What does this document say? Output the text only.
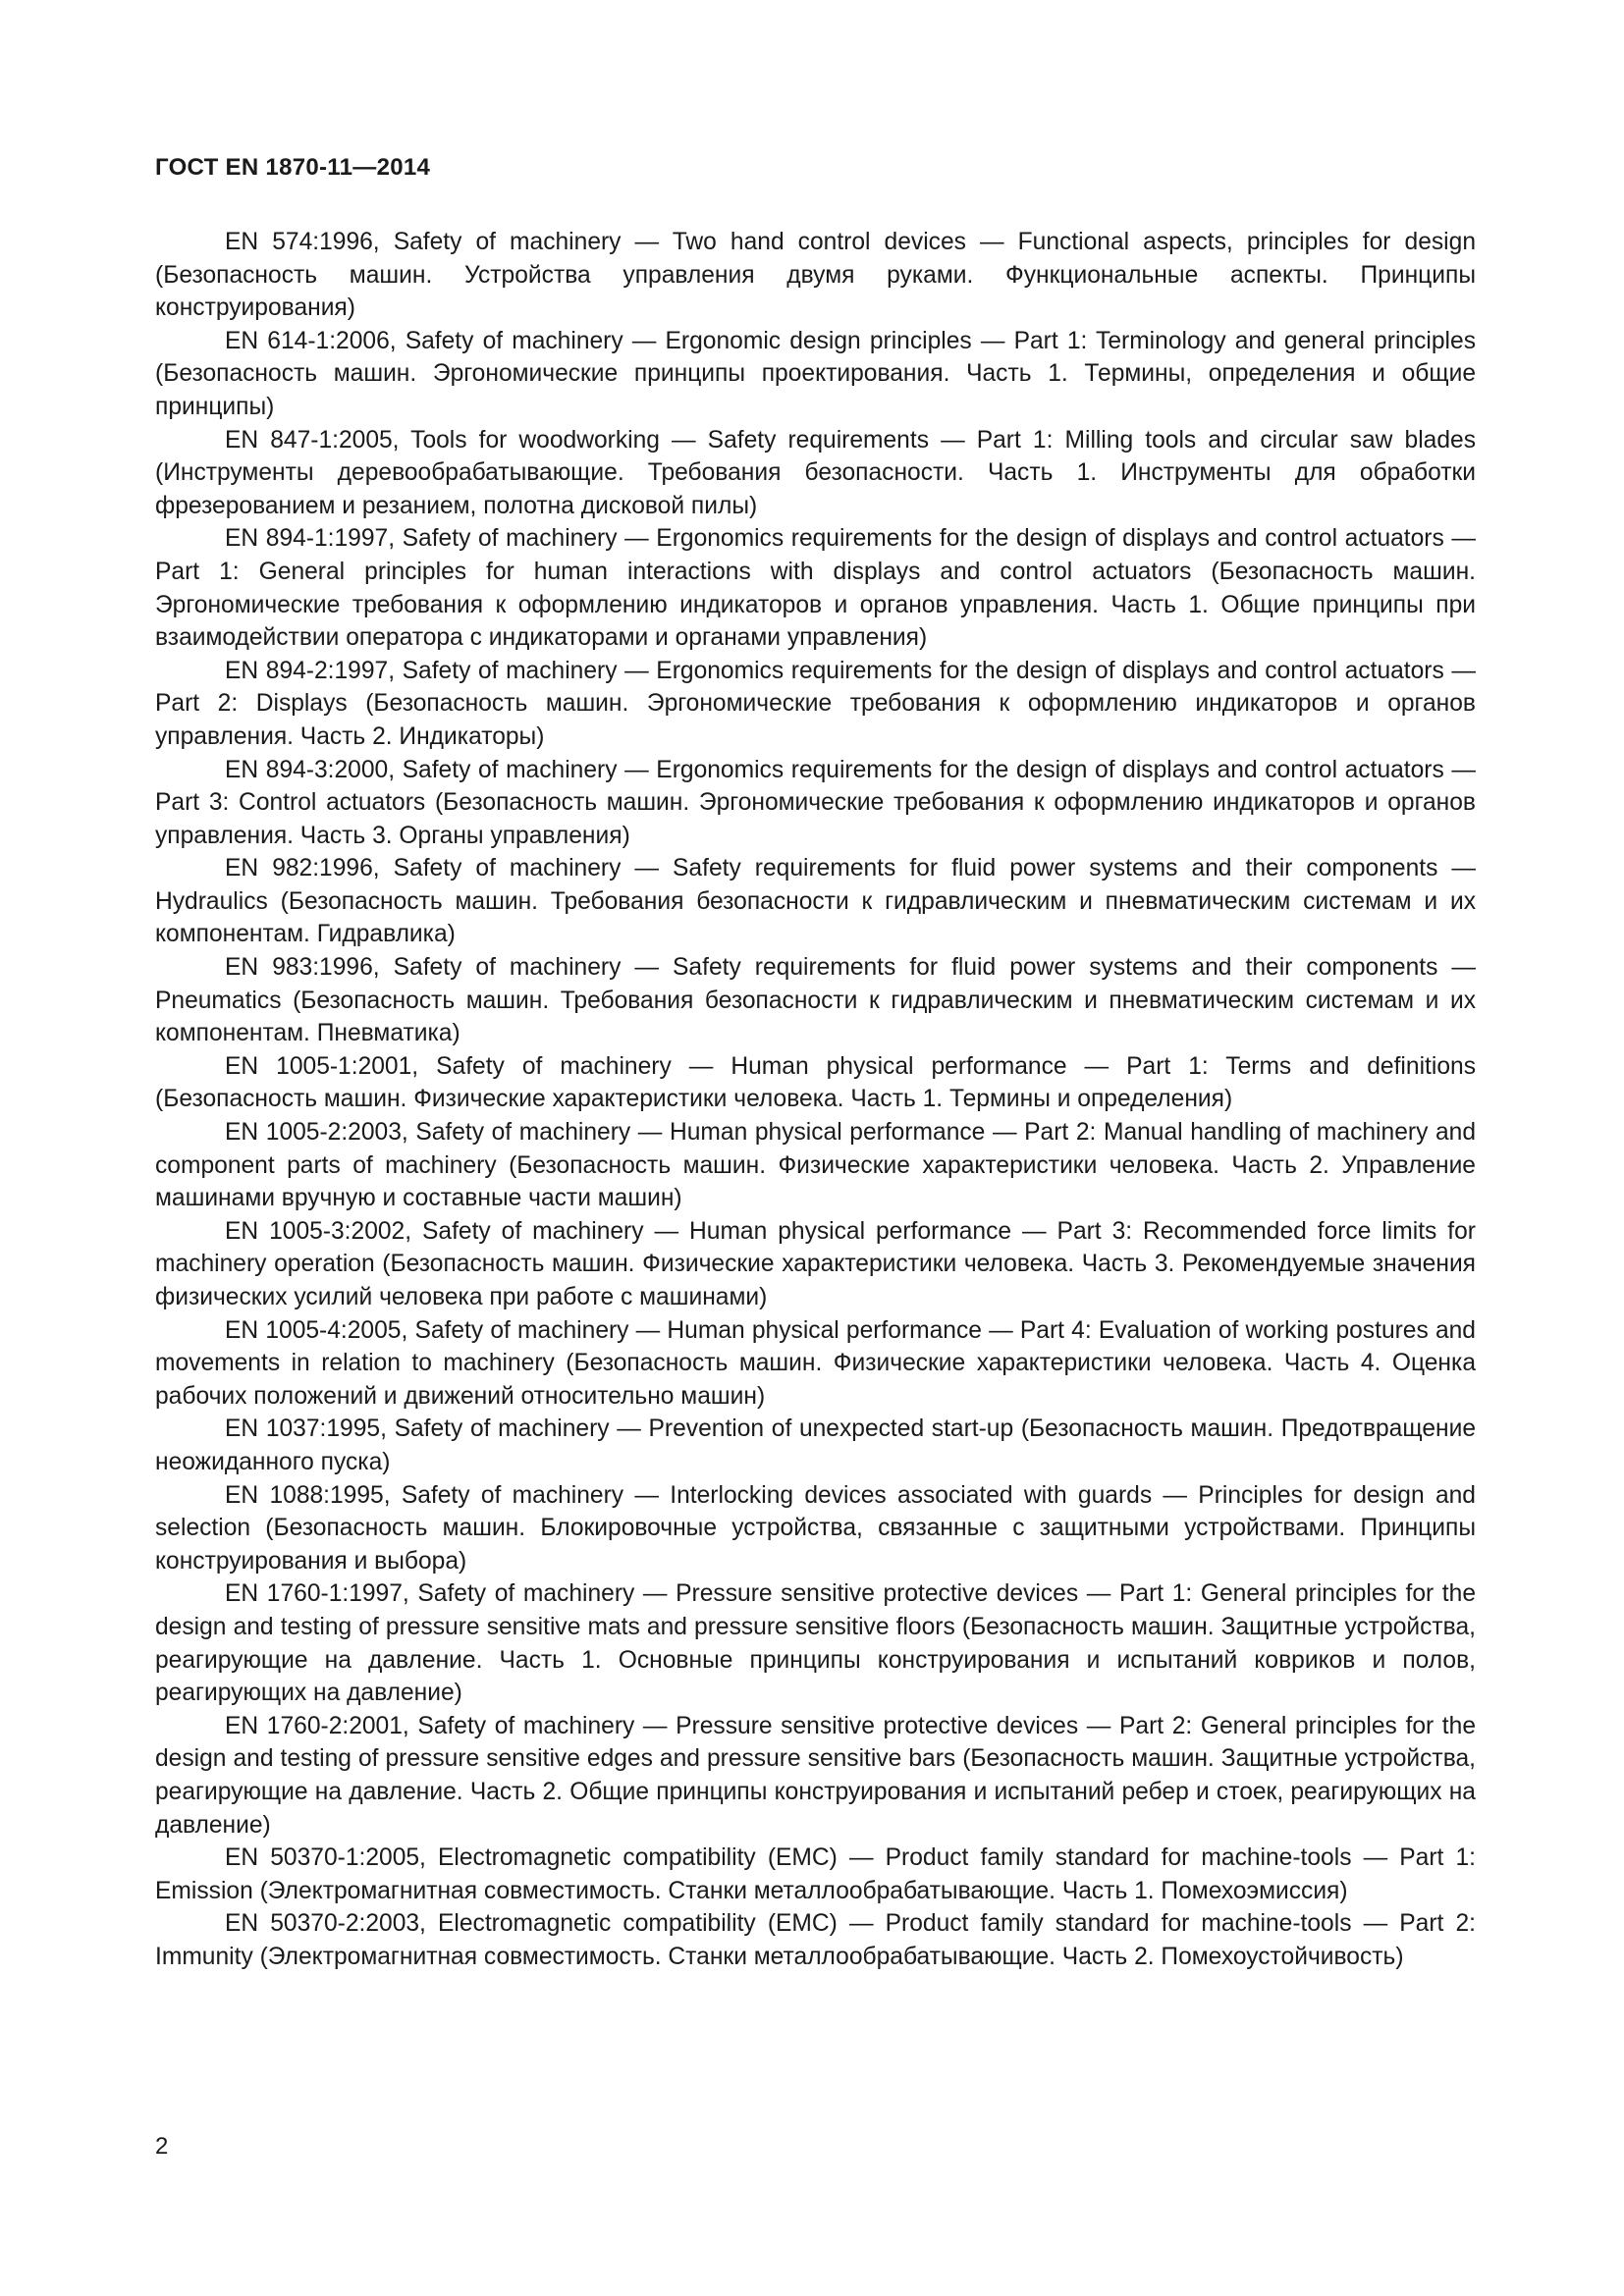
ГОСТ EN 1870-11—2014

EN 574:1996, Safety of machinery — Two hand control devices — Functional aspects, principles for design (Безопасность машин. Устройства управления двумя руками. Функциональные аспекты. Принципы конструирования)

EN 614-1:2006, Safety of machinery — Ergonomic design principles — Part 1: Terminology and general principles (Безопасность машин. Эргономические принципы проектирования. Часть 1. Термины, определения и общие принципы)

EN 847-1:2005, Tools for woodworking — Safety requirements — Part 1: Milling tools and circular saw blades (Инструменты деревообрабатывающие. Требования безопасности. Часть 1. Инструменты для обработки фрезерованием и резанием, полотна дисковой пилы)

EN 894-1:1997, Safety of machinery — Ergonomics requirements for the design of displays and control actuators — Part 1: General principles for human interactions with displays and control actuators (Безопасность машин. Эргономические требования к оформлению индикаторов и органов управления. Часть 1. Общие принципы при взаимодействии оператора с индикаторами и органами управления)

EN 894-2:1997, Safety of machinery — Ergonomics requirements for the design of displays and control actuators — Part 2: Displays (Безопасность машин. Эргономические требования к оформлению индикаторов и органов управления. Часть 2. Индикаторы)

EN 894-3:2000, Safety of machinery — Ergonomics requirements for the design of displays and control actuators — Part 3: Control actuators (Безопасность машин. Эргономические требования к оформлению индикаторов и органов управления. Часть 3. Органы управления)

EN 982:1996, Safety of machinery — Safety requirements for fluid power systems and their components — Hydraulics (Безопасность машин. Требования безопасности к гидравлическим и пневматическим системам и их компонентам. Гидравлика)

EN 983:1996, Safety of machinery — Safety requirements for fluid power systems and their components — Pneumatics (Безопасность машин. Требования безопасности к гидравлическим и пневматическим системам и их компонентам. Пневматика)

EN 1005-1:2001, Safety of machinery — Human physical performance — Part 1: Terms and definitions (Безопасность машин. Физические характеристики человека. Часть 1. Термины и определения)

EN 1005-2:2003, Safety of machinery — Human physical performance — Part 2: Manual handling of machinery and component parts of machinery (Безопасность машин. Физические характеристики человека. Часть 2. Управление машинами вручную и составные части машин)

EN 1005-3:2002, Safety of machinery — Human physical performance — Part 3: Recommended force limits for machinery operation (Безопасность машин. Физические характеристики человека. Часть 3. Рекомендуемые значения физических усилий человека при работе с машинами)

EN 1005-4:2005, Safety of machinery — Human physical performance — Part 4: Evaluation of working postures and movements in relation to machinery (Безопасность машин. Физические характеристики человека. Часть 4. Оценка рабочих положений и движений относительно машин)

EN 1037:1995, Safety of machinery — Prevention of unexpected start-up (Безопасность машин. Предотвращение неожиданного пуска)

EN 1088:1995, Safety of machinery — Interlocking devices associated with guards — Principles for design and selection (Безопасность машин. Блокировочные устройства, связанные с защитными устройствами. Принципы конструирования и выбора)

EN 1760-1:1997, Safety of machinery — Pressure sensitive protective devices — Part 1: General principles for the design and testing of pressure sensitive mats and pressure sensitive floors (Безопасность машин. Защитные устройства, реагирующие на давление. Часть 1. Основные принципы конструирования и испытаний ковриков и полов, реагирующих на давление)

EN 1760-2:2001, Safety of machinery — Pressure sensitive protective devices — Part 2: General principles for the design and testing of pressure sensitive edges and pressure sensitive bars (Безопасность машин. Защитные устройства, реагирующие на давление. Часть 2. Общие принципы конструирования и испытаний ребер и стоек, реагирующих на давление)

EN 50370-1:2005, Electromagnetic compatibility (EMC) — Product family standard for machine-tools — Part 1: Emission (Электромагнитная совместимость. Станки металлообрабатывающие. Часть 1. Помехоэмиссия)

EN 50370-2:2003, Electromagnetic compatibility (EMC) — Product family standard for machine-tools — Part 2: Immunity (Электромагнитная совместимость. Станки металлообрабатывающие. Часть 2. Помехоустойчивость)

2
